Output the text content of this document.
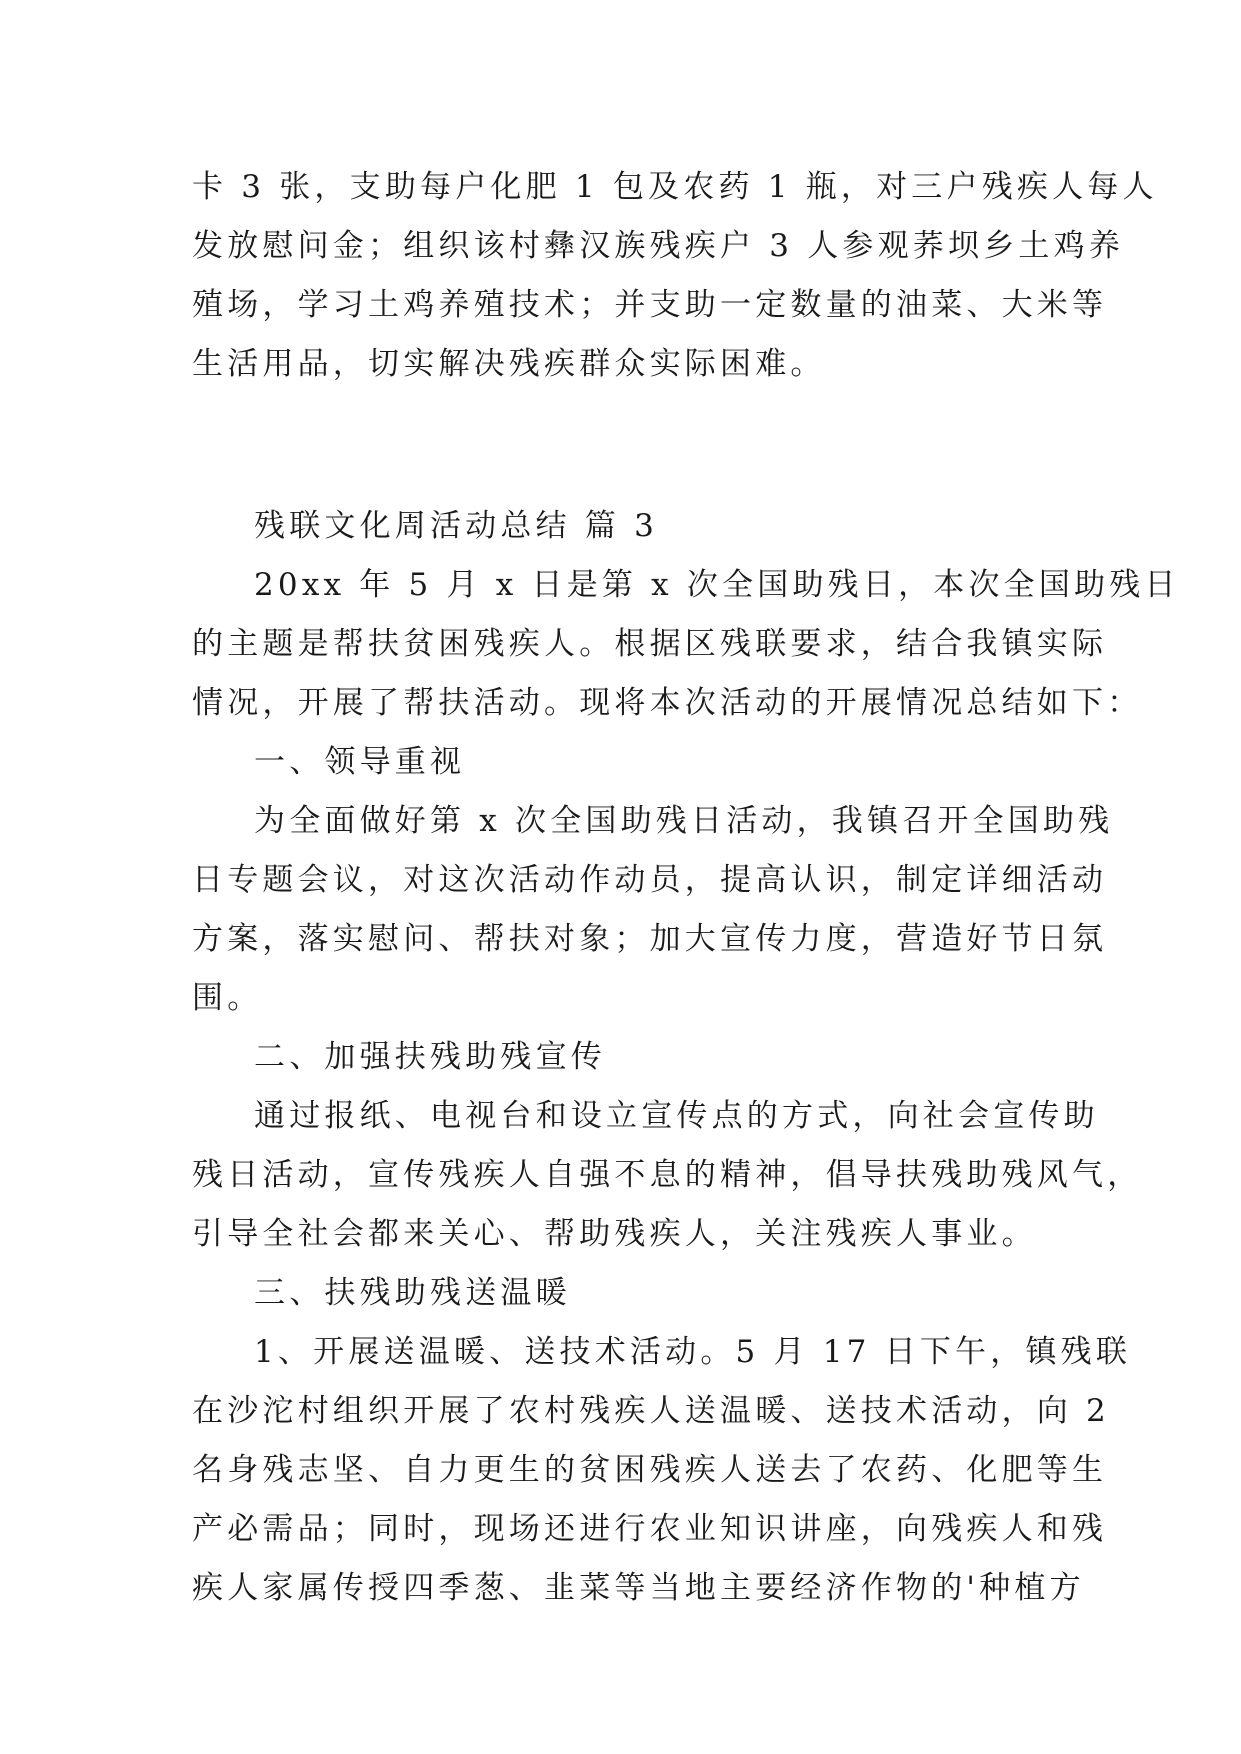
卡 3 张，支助每户化肥 1 包及农药 1 瓶，对三户残疾人每人
发放慰问金；组织该村彝汉族残疾户 3 人参观荞坝乡土鸡养
殖场，学习土鸡养殖技术；并支助一定数量的油菜、大米等
生活用品，切实解决残疾群众实际困难。
残联文化周活动总结 篇 3
20xx 年 5 月 x 日是第 x 次全国助残日，本次全国助残日
的主题是帮扶贫困残疾人。根据区残联要求，结合我镇实际
情况，开展了帮扶活动。现将本次活动的开展情况总结如下：
一、领导重视
为全面做好第 x 次全国助残日活动，我镇召开全国助残
日专题会议，对这次活动作动员，提高认识，制定详细活动
方案，落实慰问、帮扶对象；加大宣传力度，营造好节日氛
围。
二、加强扶残助残宣传
通过报纸、电视台和设立宣传点的方式，向社会宣传助
残日活动，宣传残疾人自强不息的精神，倡导扶残助残风气，
引导全社会都来关心、帮助残疾人，关注残疾人事业。
三、扶残助残送温暖
1、开展送温暖、送技术活动。5 月 17 日下午，镇残联
在沙沱村组织开展了农村残疾人送温暖、送技术活动，向 2
名身残志坚、自力更生的贫困残疾人送去了农药、化肥等生
产必需品；同时，现场还进行农业知识讲座，向残疾人和残
疾人家属传授四季葱、韭菜等当地主要经济作物的'种植方
